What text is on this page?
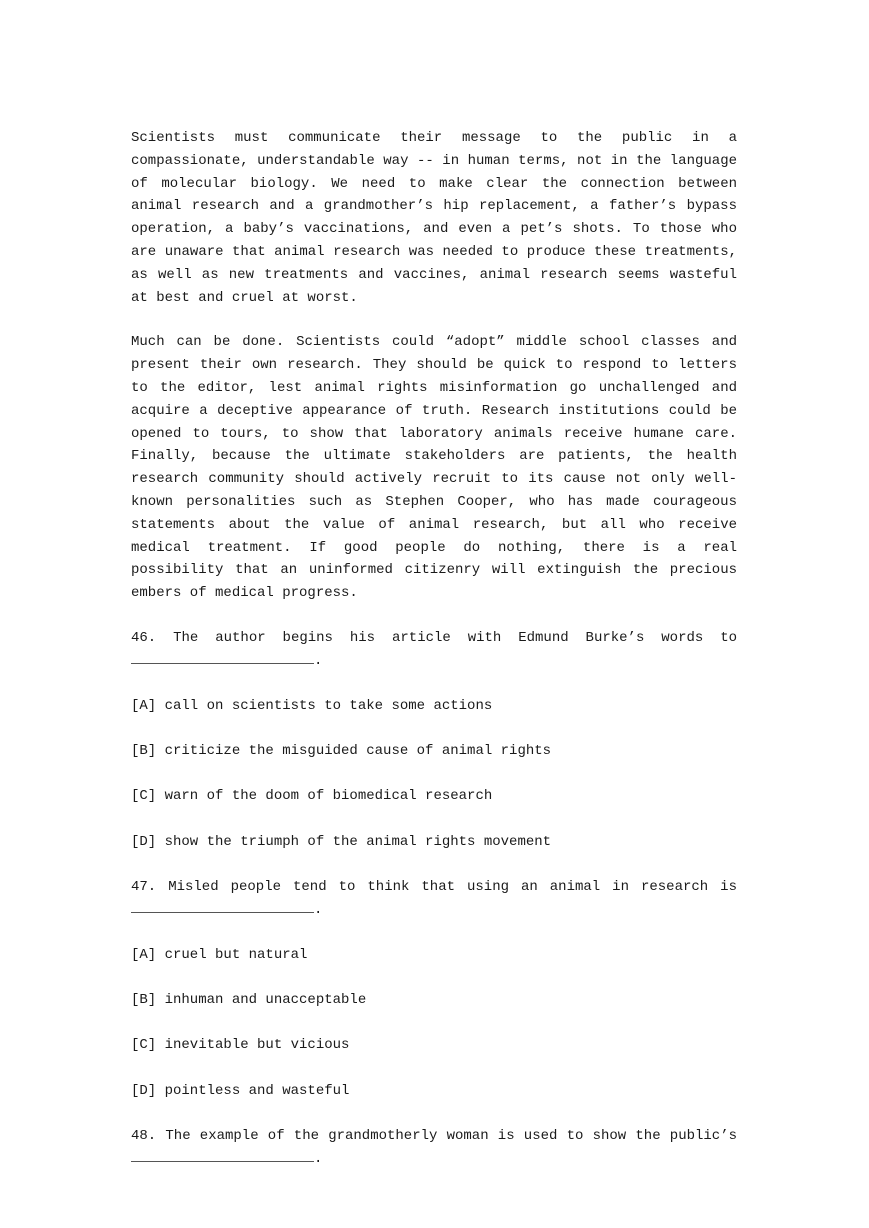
Scientists must communicate their message to the public in a compassionate, understandable way -- in human terms, not in the language of molecular biology. We need to make clear the connection between animal research and a grandmother’s hip replacement, a father’s bypass operation, a baby’s vaccinations, and even a pet’s shots. To those who are unaware that animal research was needed to produce these treatments, as well as new treatments and vaccines, animal research seems wasteful at best and cruel at worst.

Much can be done. Scientists could “adopt” middle school classes and present their own research. They should be quick to respond to letters to the editor, lest animal rights misinformation go unchallenged and acquire a deceptive appearance of truth. Research institutions could be opened to tours, to show that laboratory animals receive humane care. Finally, because the ultimate stakeholders are patients, the health research community should actively recruit to its cause not only well-known personalities such as Stephen Cooper, who has made courageous statements about the value of animal research, but all who receive medical treatment. If good people do nothing, there is a real possibility that an uninformed citizenry will extinguish the precious embers of medical progress.

46. The author begins his article with Edmund Burke’s words to

.

[A] call on scientists to take some actions

[B] criticize the misguided cause of animal rights

[C] warn of the doom of biomedical research

[D] show the triumph of the animal rights movement

47. Misled people tend to think that using an animal in research is

.

[A] cruel but natural

[B] inhuman and unacceptable

[C] inevitable but vicious

[D] pointless and wasteful

48. The example of the grandmotherly woman is used to show the public’s

.
